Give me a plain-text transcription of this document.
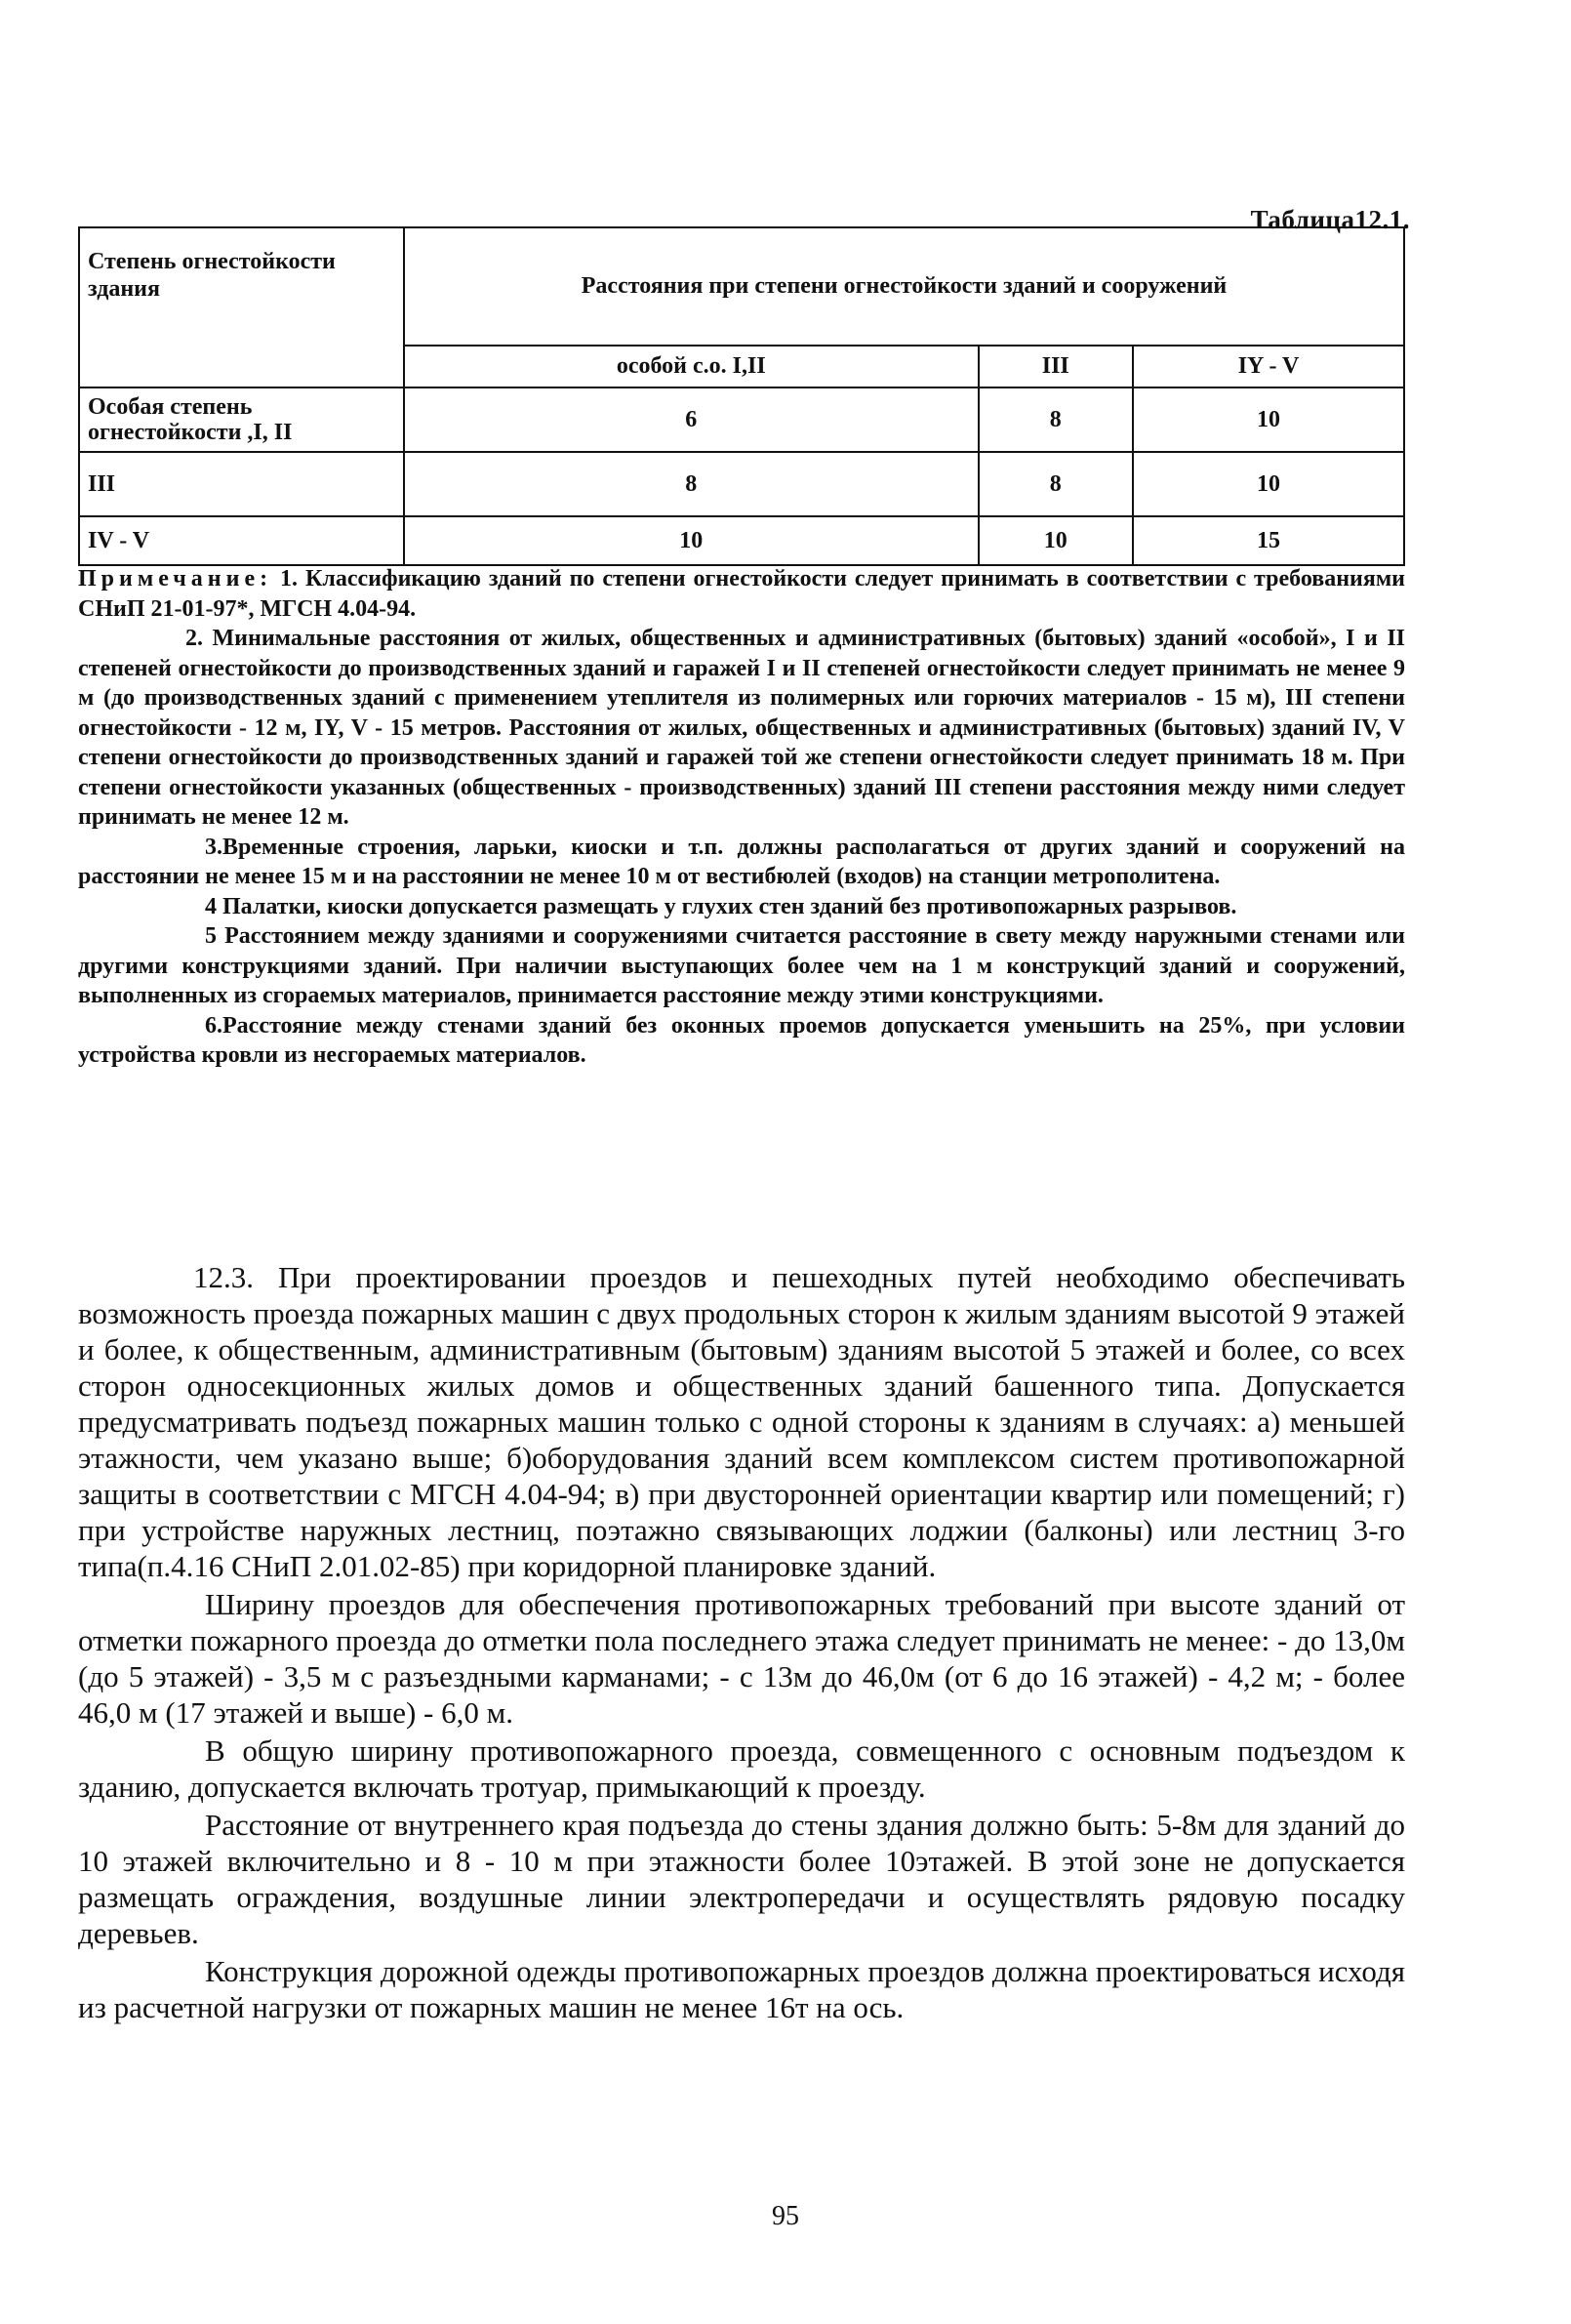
Таблица12.1.
Степень огнестойкости здания	Расстояния при степени огнестойкости зданий и сооружений		
	особой с.о. I,II	III	IY - V
Особая степень огнестойкости ,I, II	6	8	10
III	8	8	10
IV - V	10	10	15

Примечание: 1. Классификацию зданий по степени огнестойкости следует принимать в соответствии с требованиями СНиП 21-01-97*, МГСН 4.04-94.

2. Минимальные расстояния от жилых, общественных и административных (бытовых) зданий «особой», I и II степеней огнестойкости до производственных зданий и гаражей I и II степеней огнестойкости следует принимать не менее 9 м (до производственных зданий с применением утеплителя из полимерных или горючих материалов - 15 м), III степени огнестойкости - 12 м, IY, V - 15 метров. Расстояния от жилых, общественных и административных (бытовых) зданий IV, V степени огнестойкости до производственных зданий и гаражей той же степени огнестойкости следует принимать 18 м. При степени огнестойкости указанных (общественных - производственных) зданий III степени расстояния между ними следует принимать не менее 12 м.

3.Временные строения, ларьки, киоски и т.п. должны располагаться от других зданий и сооружений на расстоянии не менее 15 м и на расстоянии не менее 10 м от вестибюлей (входов) на станции метрополитена.

4 Палатки, киоски допускается размещать у глухих стен зданий без противопожарных разрывов.

5 Расстоянием между зданиями и сооружениями считается расстояние в свету между наружными стенами или другими конструкциями зданий. При наличии выступающих более чем на 1 м конструкций зданий и сооружений, выполненных из сгораемых материалов, принимается расстояние между этими конструкциями.

6.Расстояние между стенами зданий без оконных проемов допускается уменьшить на 25%, при условии устройства кровли из несгораемых материалов.

12.3. При проектировании проездов и пешеходных путей необходимо обеспечивать возможность проезда пожарных машин с двух продольных сторон к жилым зданиям высотой 9 этажей и более, к общественным, административным (бытовым) зданиям высотой 5 этажей и более, со всех сторон односекционных жилых домов и общественных зданий башенного типа. Допускается предусматривать подъезд пожарных машин только с одной стороны к зданиям в случаях: а) меньшей этажности, чем указано выше; б)оборудования зданий всем комплексом систем противопожарной защиты в соответствии с МГСН 4.04-94; в) при двусторонней ориентации квартир или помещений; г) при устройстве наружных лестниц, поэтажно связывающих лоджии (балконы) или лестниц 3-го типа(п.4.16 СНиП 2.01.02-85) при коридорной планировке зданий.

Ширину проездов для обеспечения противопожарных требований при высоте зданий от отметки пожарного проезда до отметки пола последнего этажа следует принимать не менее: - до 13,0м (до 5 этажей) - 3,5 м с разъездными карманами; - с 13м до 46,0м (от 6 до 16 этажей) - 4,2 м; - более 46,0 м (17 этажей и выше) - 6,0 м.

В общую ширину противопожарного проезда, совмещенного с основным подъездом к зданию, допускается включать тротуар, примыкающий к проезду.

Расстояние от внутреннего края подъезда до стены здания должно быть: 5-8м для зданий до 10 этажей включительно и 8 - 10 м при этажности более 10этажей. В этой зоне не допускается размещать ограждения, воздушные линии электропередачи и осуществлять рядовую посадку деревьев.

Конструкция дорожной одежды противопожарных проездов должна проектироваться исходя из расчетной нагрузки от пожарных машин не менее 16т на ось.

95
